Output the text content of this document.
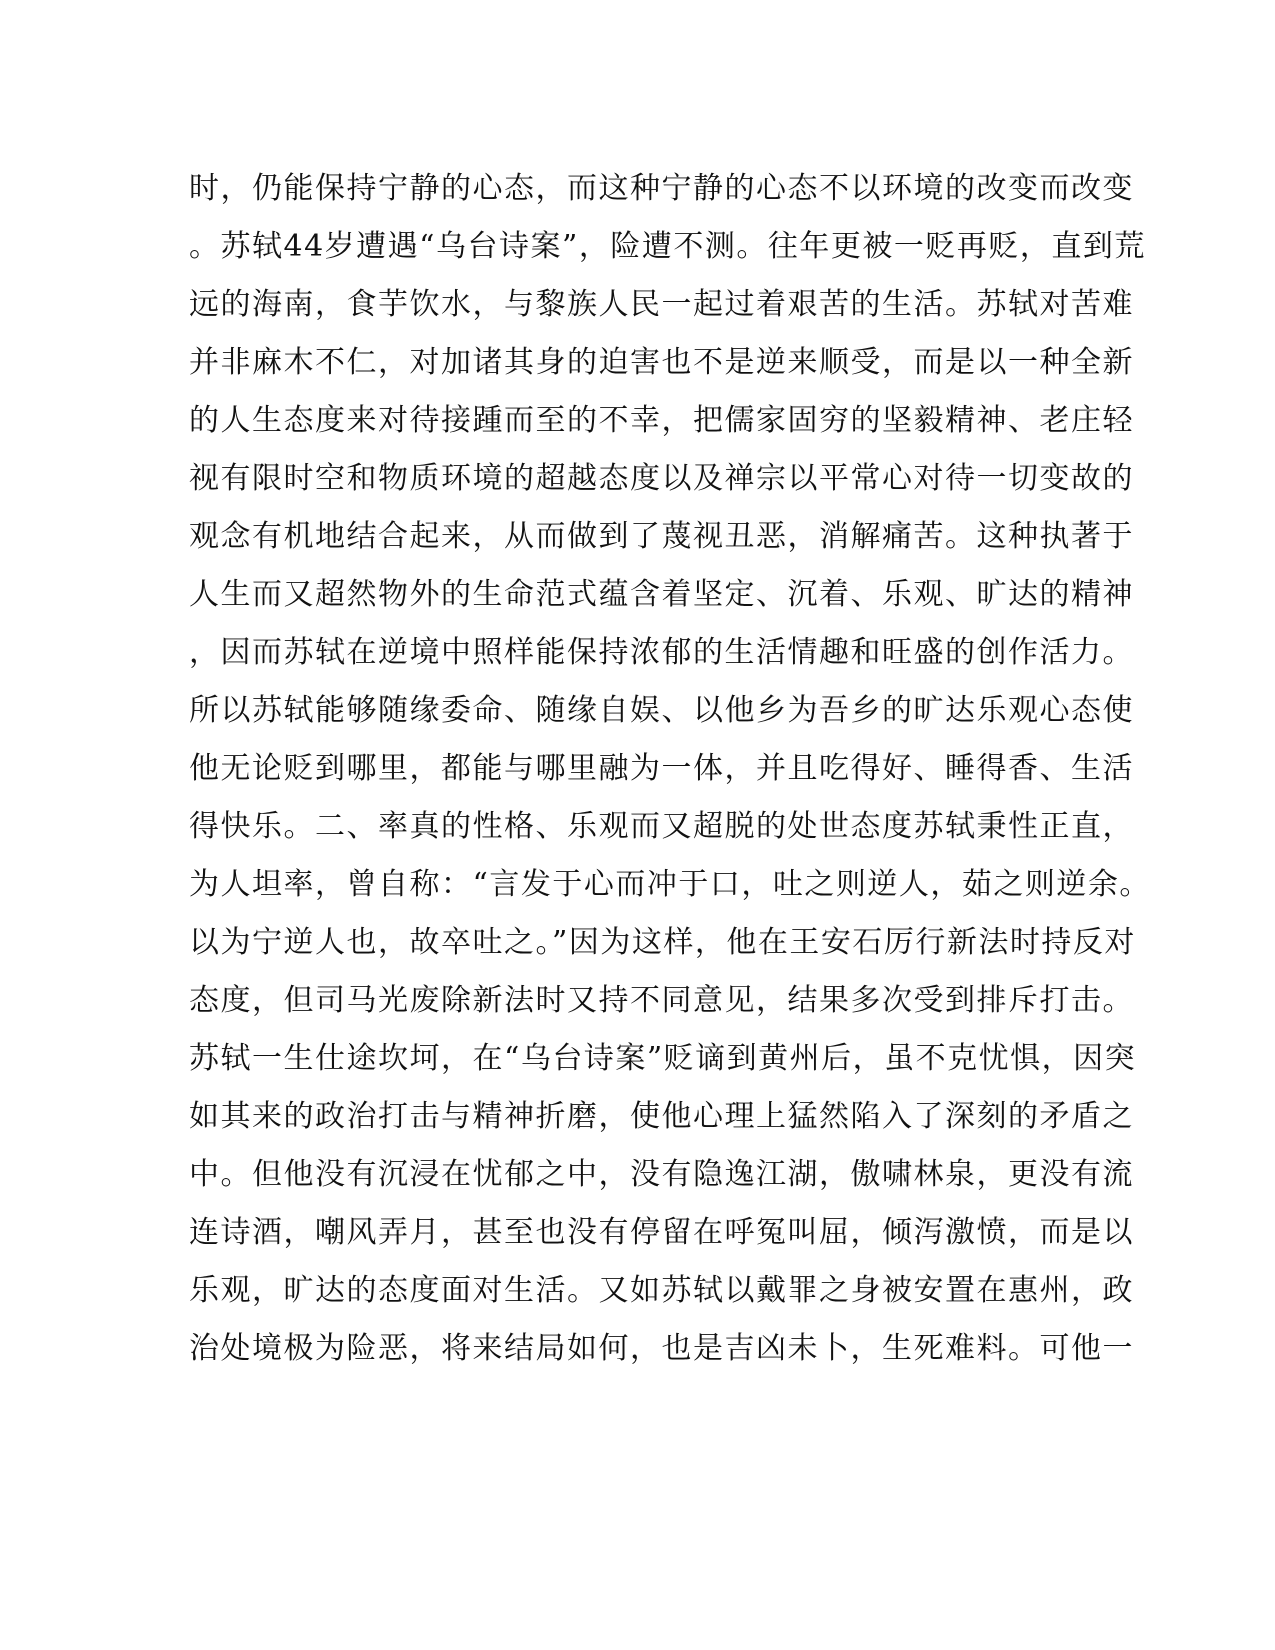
时，仍能保持宁静的心态，而这种宁静的心态不以环境的改变而改变
。苏轼44岁遭遇“乌台诗案”，险遭不测。往年更被一贬再贬，直到荒
远的海南，食芋饮水，与黎族人民一起过着艰苦的生活。苏轼对苦难
并非麻木不仁，对加诸其身的迫害也不是逆来顺受，而是以一种全新
的人生态度来对待接踵而至的不幸，把儒家固穷的坚毅精神、老庄轻
视有限时空和物质环境的超越态度以及禅宗以平常心对待一切变故的
观念有机地结合起来，从而做到了蔑视丑恶，消解痛苦。这种执著于
人生而又超然物外的生命范式蕴含着坚定、沉着、乐观、旷达的精神
，因而苏轼在逆境中照样能保持浓郁的生活情趣和旺盛的创作活力。
所以苏轼能够随缘委命、随缘自娱、以他乡为吾乡的旷达乐观心态使
他无论贬到哪里，都能与哪里融为一体，并且吃得好、睡得香、生活
得快乐。二、率真的性格、乐观而又超脱的处世态度苏轼秉性正直，
为人坦率，曾自称：“言发于心而冲于口，吐之则逆人，茹之则逆余。
以为宁逆人也，故卒吐之。”因为这样，他在王安石厉行新法时持反对
态度，但司马光废除新法时又持不同意见，结果多次受到排斥打击。
苏轼一生仕途坎坷，在“乌台诗案”贬谪到黄州后，虽不克忧惧，因突
如其来的政治打击与精神折磨，使他心理上猛然陷入了深刻的矛盾之
中。但他没有沉浸在忧郁之中，没有隐逸江湖，傲啸林泉，更没有流
连诗酒，嘲风弄月，甚至也没有停留在呼冤叫屈，倾泻激愤，而是以
乐观，旷达的态度面对生活。又如苏轼以戴罪之身被安置在惠州，政
治处境极为险恶，将来结局如何，也是吉凶未卜，生死难料。可他一
